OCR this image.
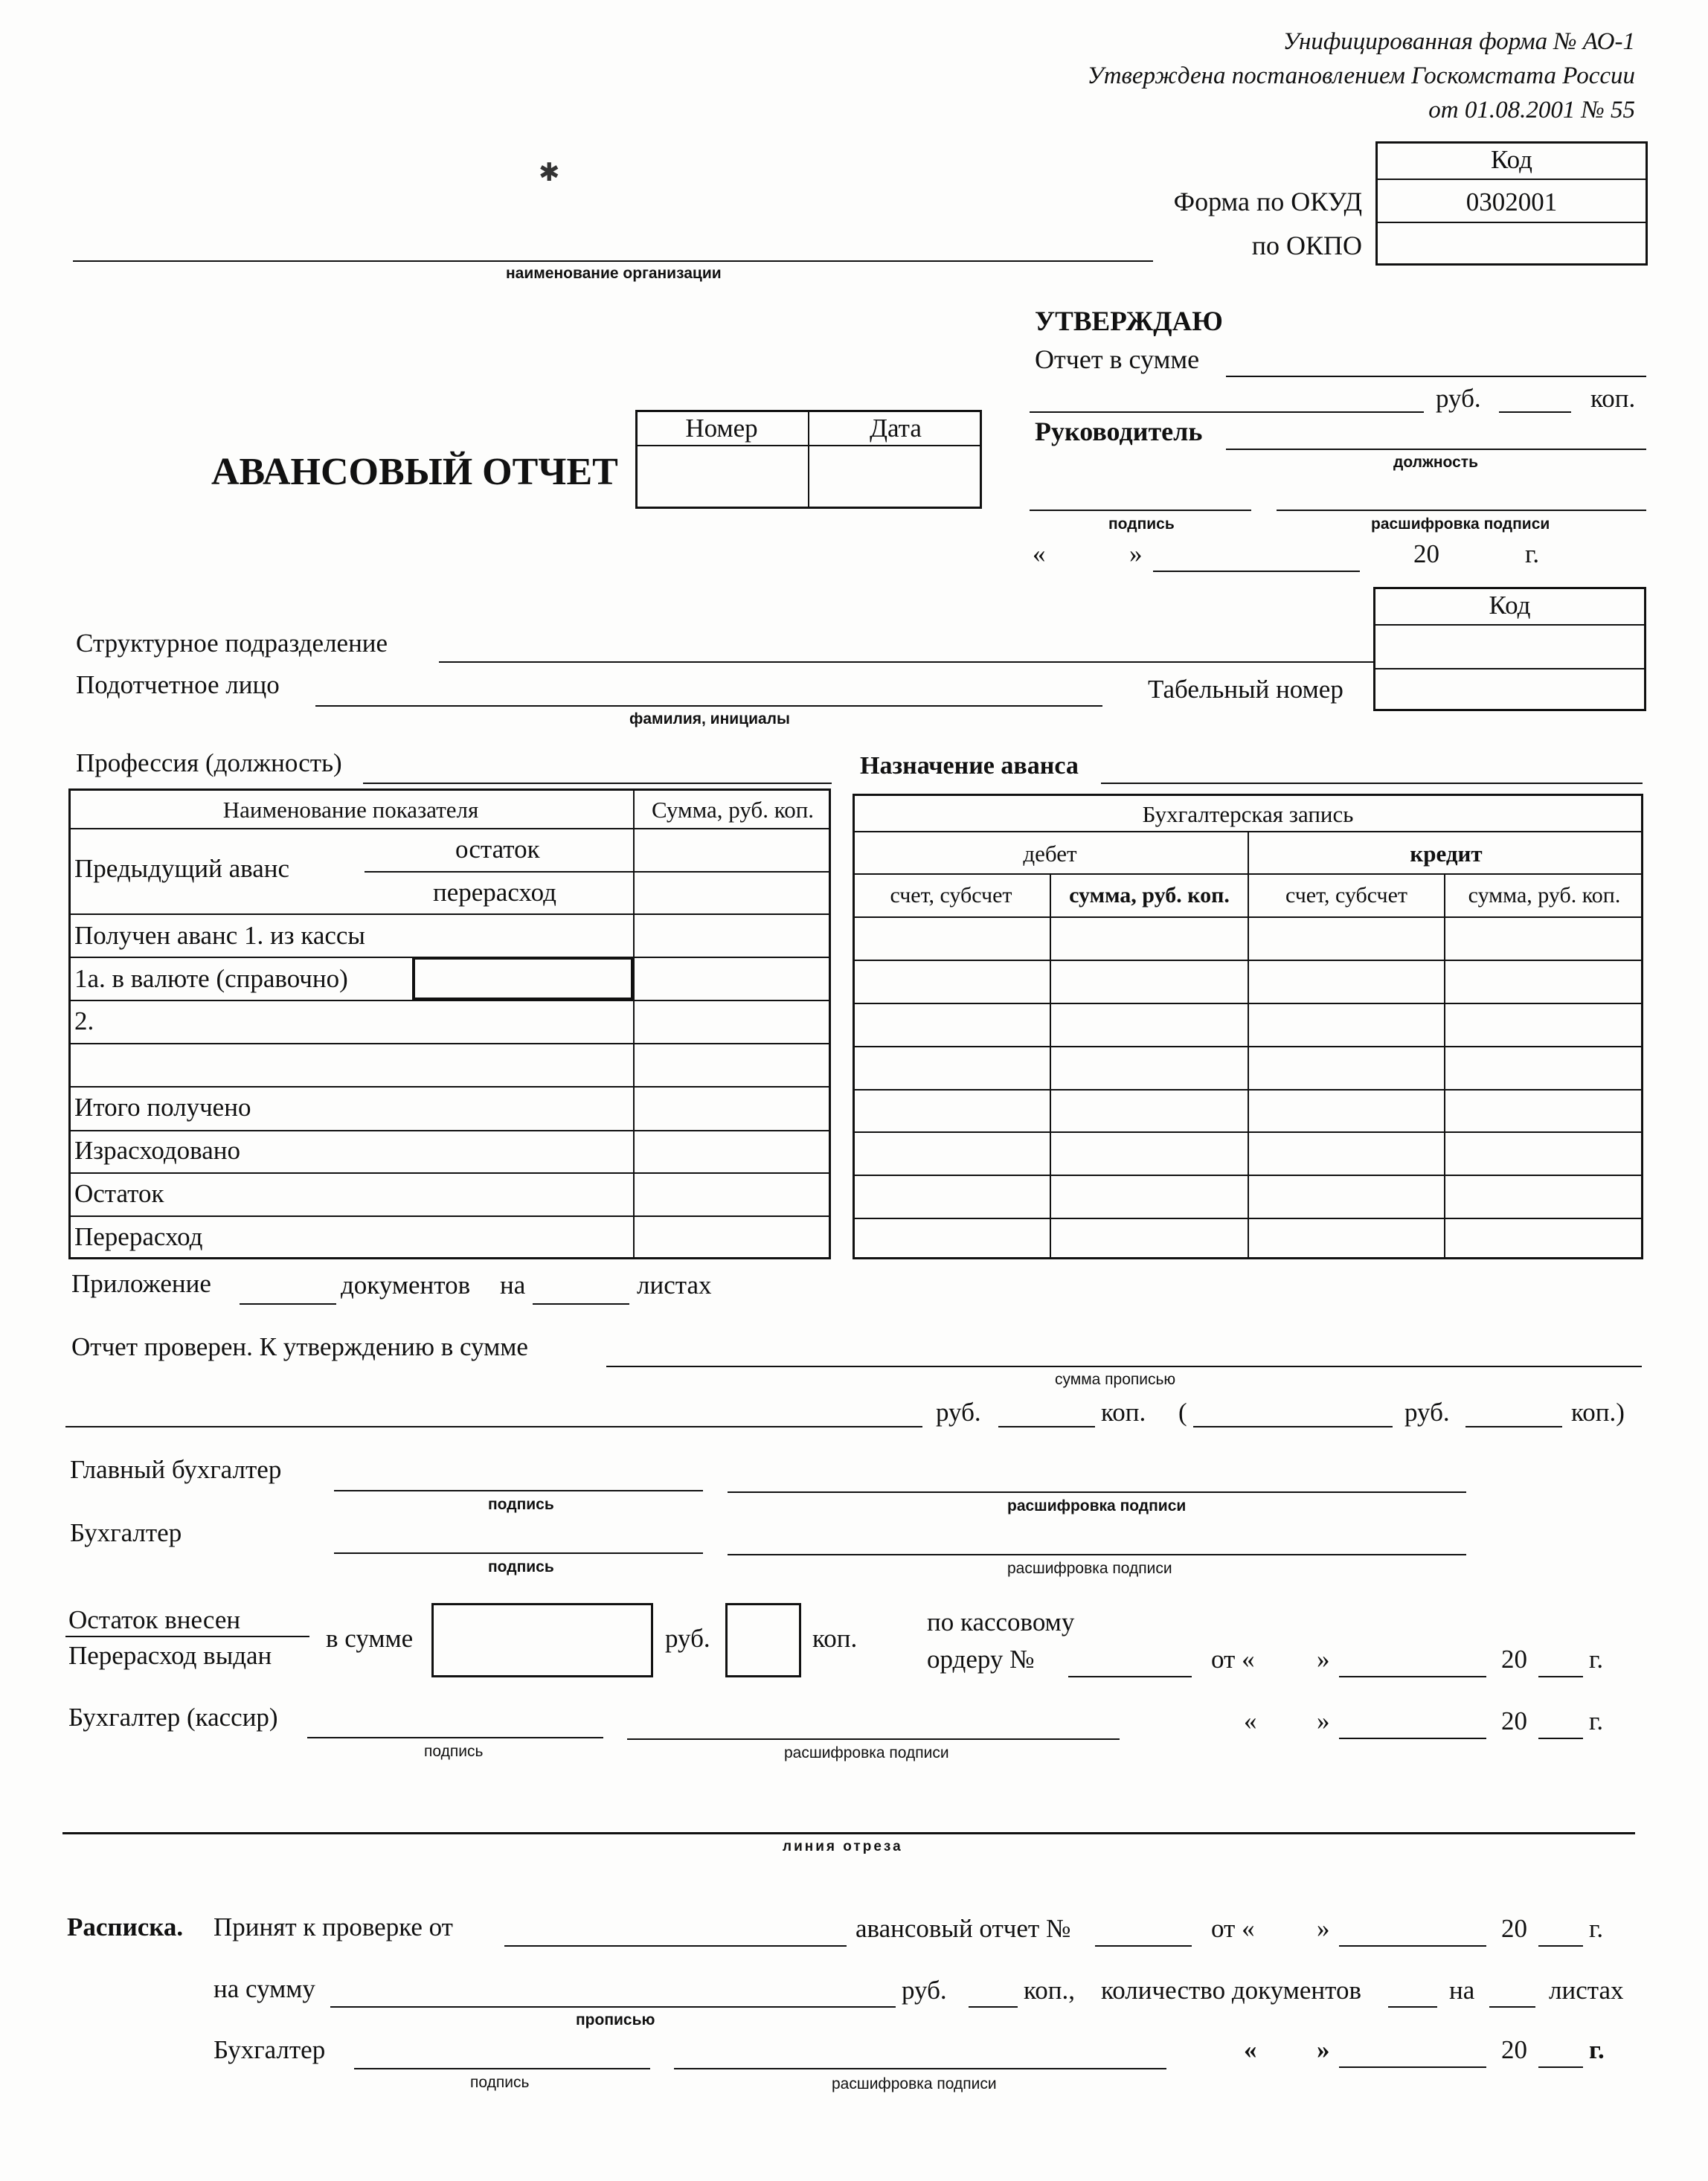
Унифицированная форма № АО-1
Утверждена постановлением Госкомстата России
от 01.08.2001 № 55
Код
0302001
Форма по ОКУД
по ОКПО
наименование организации
✱
УТВЕРЖДАЮ
Отчет в сумме
руб.	коп.
Руководитель
должность
подпись	расшифровка подписи
«	»	20	г.
АВАНСОВЫЙ ОТЧЕТ
Номер	Дата
Код
Структурное подразделение
Подотчетное лицо
фамилия, инициалы
Табельный номер
Профессия (должность)	Назначение аванса
Наименование показателя	Сумма, руб. коп.
Предыдущий аванс
остаток
перерасход
Получен аванс 1. из кассы
1а. в валюте (справочно)
2.
Итого получено
Израсходовано
Остаток
Перерасход
Бухгалтерская запись
дебет	кредит
счет, субсчет	сумма, руб. коп.	счет, субсчет	сумма, руб. коп.
Приложение	документов на	листах
Отчет проверен. К утверждению в сумме
сумма прописью
руб.	коп. (	руб.	коп.)
Главный бухгалтер
подпись	расшифровка подписи
Бухгалтер
подпись	расшифровка подписи
Остаток внесен
Перерасход выдан
в сумме	руб.	коп.
по кассовому
ордеру №	от « »	20 г.
Бухгалтер (кассир)
подпись	расшифровка подписи
« »	20 г.
линия отреза
Расписка. Принят к проверке от	авансовый отчет №	от « »	20 г.
на сумму
прописью
руб.	коп., количество документов	на	листах
Бухгалтер
подпись	расшифровка подписи
« »	20 г.
